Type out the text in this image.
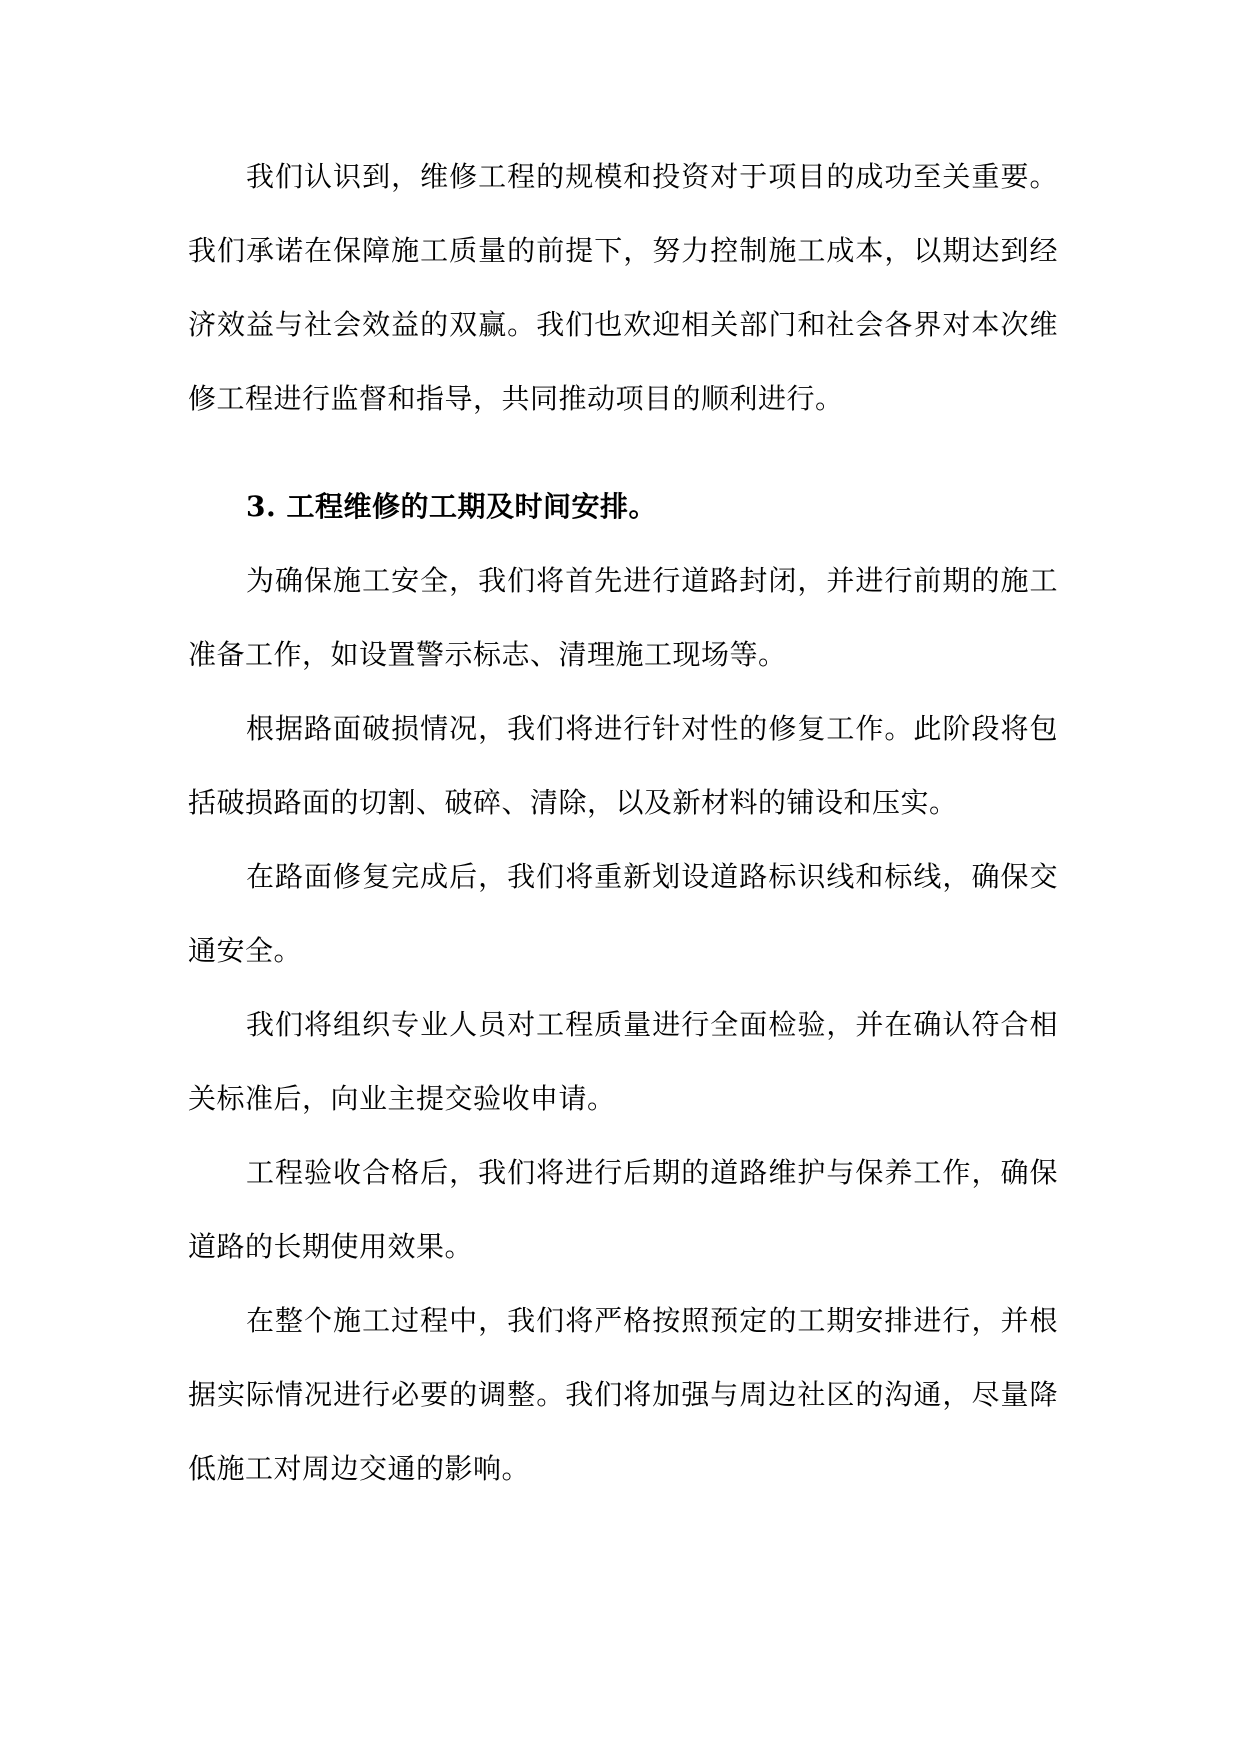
我们认识到，维修工程的规模和投资对于项目的成功至关重要。我们承诺在保障施工质量的前提下，努力控制施工成本，以期达到经济效益与社会效益的双赢。我们也欢迎相关部门和社会各界对本次维修工程进行监督和指导，共同推动项目的顺利进行。

3. 工程维修的工期及时间安排。

为确保施工安全，我们将首先进行道路封闭，并进行前期的施工准备工作，如设置警示标志、清理施工现场等。

根据路面破损情况，我们将进行针对性的修复工作。此阶段将包括破损路面的切割、破碎、清除，以及新材料的铺设和压实。

在路面修复完成后，我们将重新划设道路标识线和标线，确保交通安全。

我们将组织专业人员对工程质量进行全面检验，并在确认符合相关标准后，向业主提交验收申请。

工程验收合格后，我们将进行后期的道路维护与保养工作，确保道路的长期使用效果。

在整个施工过程中，我们将严格按照预定的工期安排进行，并根据实际情况进行必要的调整。我们将加强与周边社区的沟通，尽量降低施工对周边交通的影响。
